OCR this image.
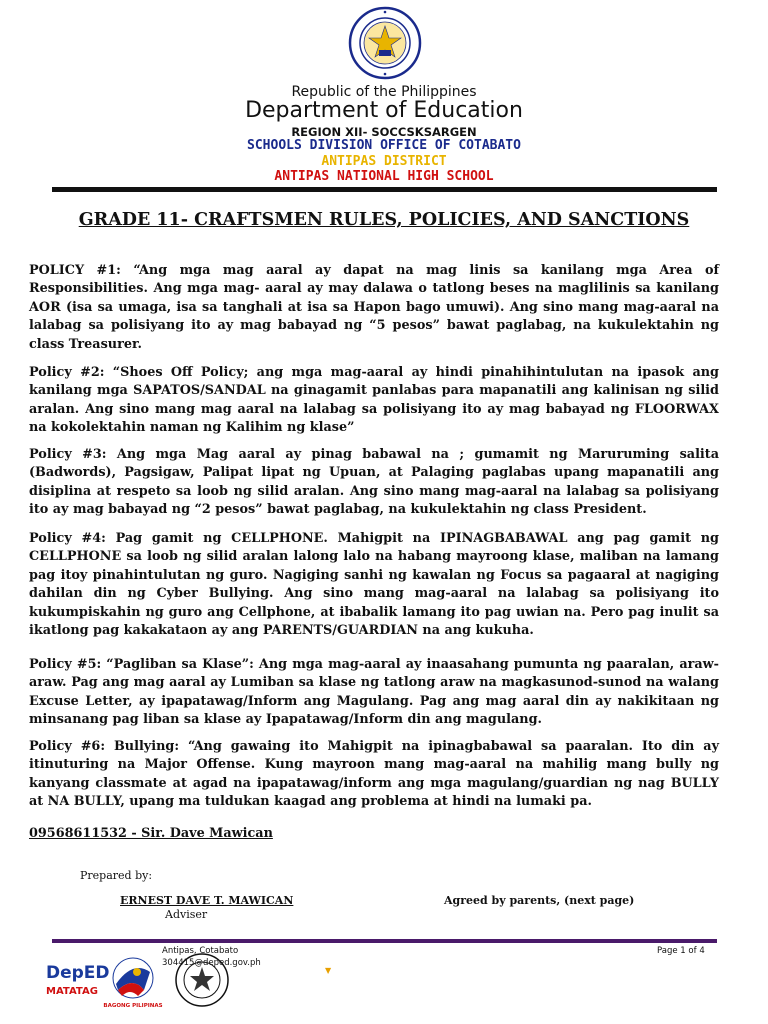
Republic of the Philippines
Department of Education
REGION XII- SOCCSKSARGEN
SCHOOLS DIVISION OFFICE OF COTABATO
ANTIPAS DISTRICT
ANTIPAS NATIONAL HIGH SCHOOL
GRADE 11- CRAFTSMEN RULES, POLICIES, AND SANCTIONS

POLICY #1: “Ang mga mag aaral ay dapat na mag linis sa kanilang mga Area of Responsibilities. Ang mga mag- aaral ay may dalawa o tatlong beses na maglilinis sa kanilang AOR (isa sa umaga, isa sa tanghali at isa sa Hapon bago umuwi). Ang sino mang mag-aaral na lalabag sa polisiyang ito ay mag babayad ng “5 pesos” bawat paglabag, na kukulektahin ng class Treasurer.

Policy #2: “Shoes Off Policy; ang mga mag-aaral ay hindi pinahihintulutan na ipasok ang kanilang mga SAPATOS/SANDAL na ginagamit panlabas para mapanatili ang kalinisan ng silid aralan. Ang sino mang mag aaral na lalabag sa polisiyang ito ay mag babayad ng FLOORWAX na kokolektahin naman ng Kalihim ng klase”

Policy #3: Ang mga Mag aaral ay pinag babawal na ; gumamit ng Maruruming salita (Badwords), Pagsigaw, Palipat lipat ng Upuan, at Palaging paglabas upang mapanatili ang disiplina at respeto sa loob ng silid aralan. Ang sino mang mag-aaral na lalabag sa polisiyang ito ay mag babayad ng “2 pesos” bawat paglabag, na kukulektahin ng class President.

Policy #4: Pag gamit ng CELLPHONE. Mahigpit na IPINAGBABAWAL ang pag gamit ng CELLPHONE sa loob ng silid aralan lalong lalo na habang mayroong klase, maliban na lamang pag itoy pinahintulutan ng guro. Nagiging sanhi ng kawalan ng Focus sa pagaaral at nagiging dahilan din ng Cyber Bullying. Ang sino mang mag-aaral na lalabag sa polisiyang ito kukumpiskahin ng guro ang Cellphone, at ibabalik lamang ito pag uwian na. Pero pag inulit sa ikatlong pag kakakataon ay ang PARENTS/GUARDIAN na ang kukuha.

Policy #5: “Pagliban sa Klase”: Ang mga mag-aaral ay inaasahang pumunta ng paaralan, araw-araw. Pag ang mag aaral ay Lumiban sa klase ng tatlong araw na magkasunod-sunod na walang Excuse Letter, ay ipapatawag/Inform ang Magulang. Pag ang mag aaral din ay nakikitaan ng minsanang pag liban sa klase ay Ipapatawag/Inform din ang magulang.

Policy #6: Bullying: “Ang gawaing ito Mahigpit na ipinagbabawal sa paaralan. Ito din ay itinuturing na Major Offense. Kung mayroon mang mag-aaral na mahilig mang bully ng kanyang classmate at agad na ipapatawag/inform ang mga magulang/guardian ng nag BULLY at NA BULLY, upang ma tuldukan kaagad ang problema at hindi na lumaki pa.

09568611532 - Sir. Dave Mawican
Prepared by:
ERNEST DAVE T. MAWICAN
Adviser
Agreed by parents, (next page)
Page 1 of 4
DepED
MATATAG
BAGONG PILIPINAS
Antipas, Cotabato
304415@deped.gov.ph
▼
